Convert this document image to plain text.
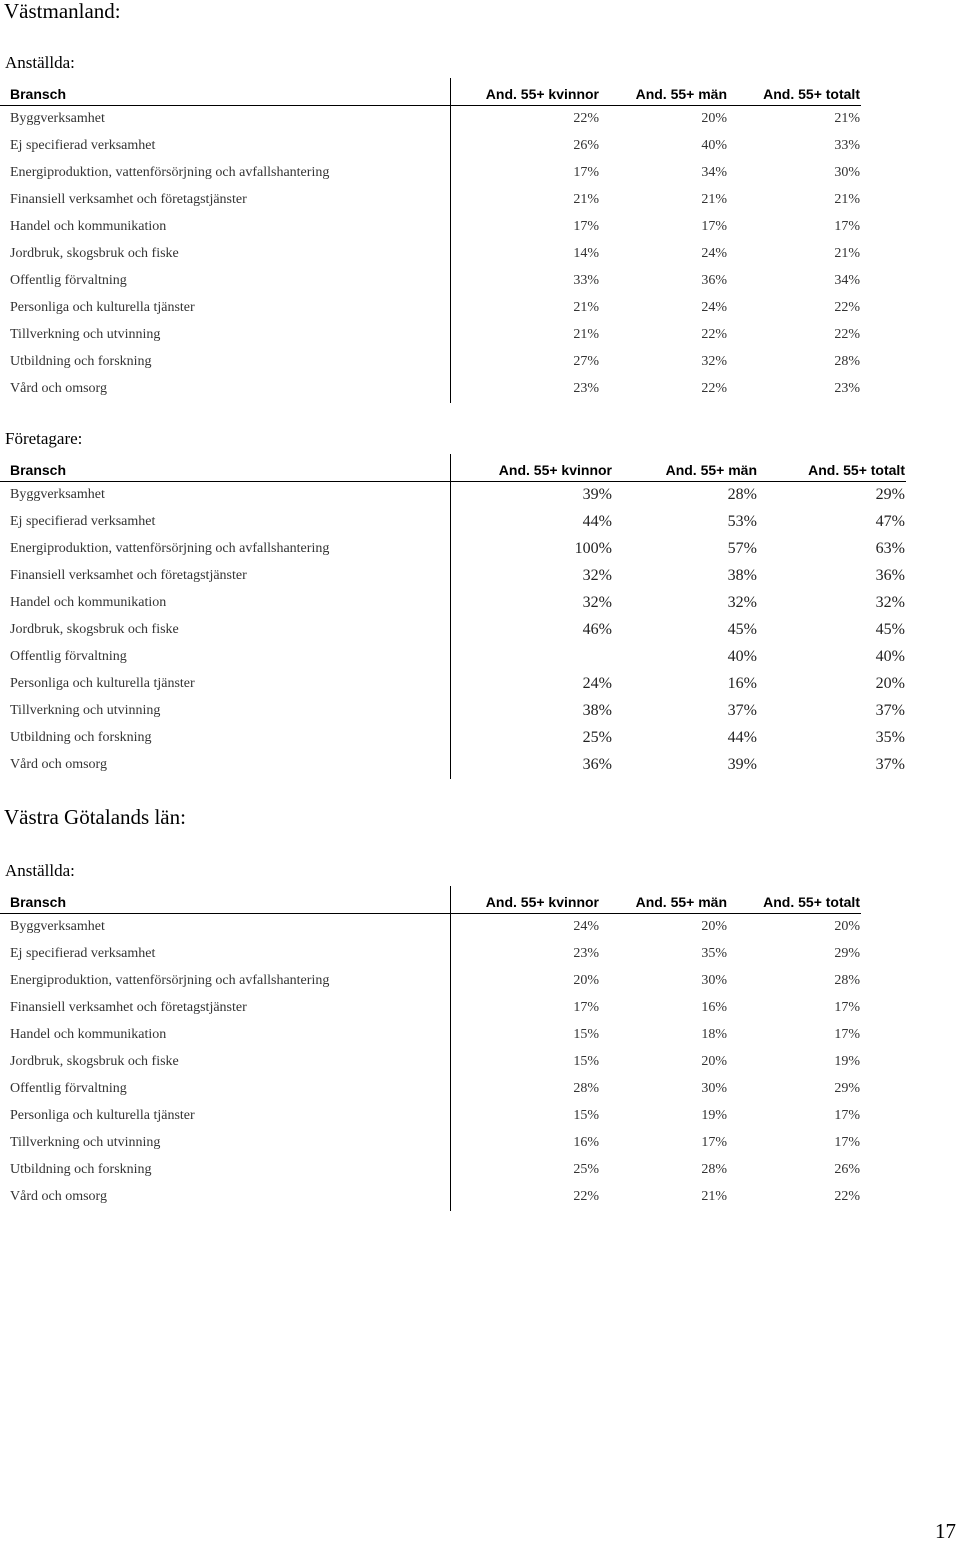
Västmanland:
Anställda:
Bransch	And. 55+ kvinnor	And. 55+ män	And. 55+ totalt
Byggverksamhet	22%	20%	21%
Ej specifierad verksamhet	26%	40%	33%
Energiproduktion, vattenförsörjning och avfallshantering	17%	34%	30%
Finansiell verksamhet och företagstjänster	21%	21%	21%
Handel och kommunikation	17%	17%	17%
Jordbruk, skogsbruk och fiske	14%	24%	21%
Offentlig förvaltning	33%	36%	34%
Personliga och kulturella tjänster	21%	24%	22%
Tillverkning och utvinning	21%	22%	22%
Utbildning och forskning	27%	32%	28%
Vård och omsorg	23%	22%	23%
Företagare:
Bransch	And. 55+ kvinnor	And. 55+ män	And. 55+ totalt
Byggverksamhet	39%	28%	29%
Ej specifierad verksamhet	44%	53%	47%
Energiproduktion, vattenförsörjning och avfallshantering	100%	57%	63%
Finansiell verksamhet och företagstjänster	32%	38%	36%
Handel och kommunikation	32%	32%	32%
Jordbruk, skogsbruk och fiske	46%	45%	45%
Offentlig förvaltning		40%	40%
Personliga och kulturella tjänster	24%	16%	20%
Tillverkning och utvinning	38%	37%	37%
Utbildning och forskning	25%	44%	35%
Vård och omsorg	36%	39%	37%
Västra Götalands län:
Anställda:
Bransch	And. 55+ kvinnor	And. 55+ män	And. 55+ totalt
Byggverksamhet	24%	20%	20%
Ej specifierad verksamhet	23%	35%	29%
Energiproduktion, vattenförsörjning och avfallshantering	20%	30%	28%
Finansiell verksamhet och företagstjänster	17%	16%	17%
Handel och kommunikation	15%	18%	17%
Jordbruk, skogsbruk och fiske	15%	20%	19%
Offentlig förvaltning	28%	30%	29%
Personliga och kulturella tjänster	15%	19%	17%
Tillverkning och utvinning	16%	17%	17%
Utbildning och forskning	25%	28%	26%
Vård och omsorg	22%	21%	22%
17
